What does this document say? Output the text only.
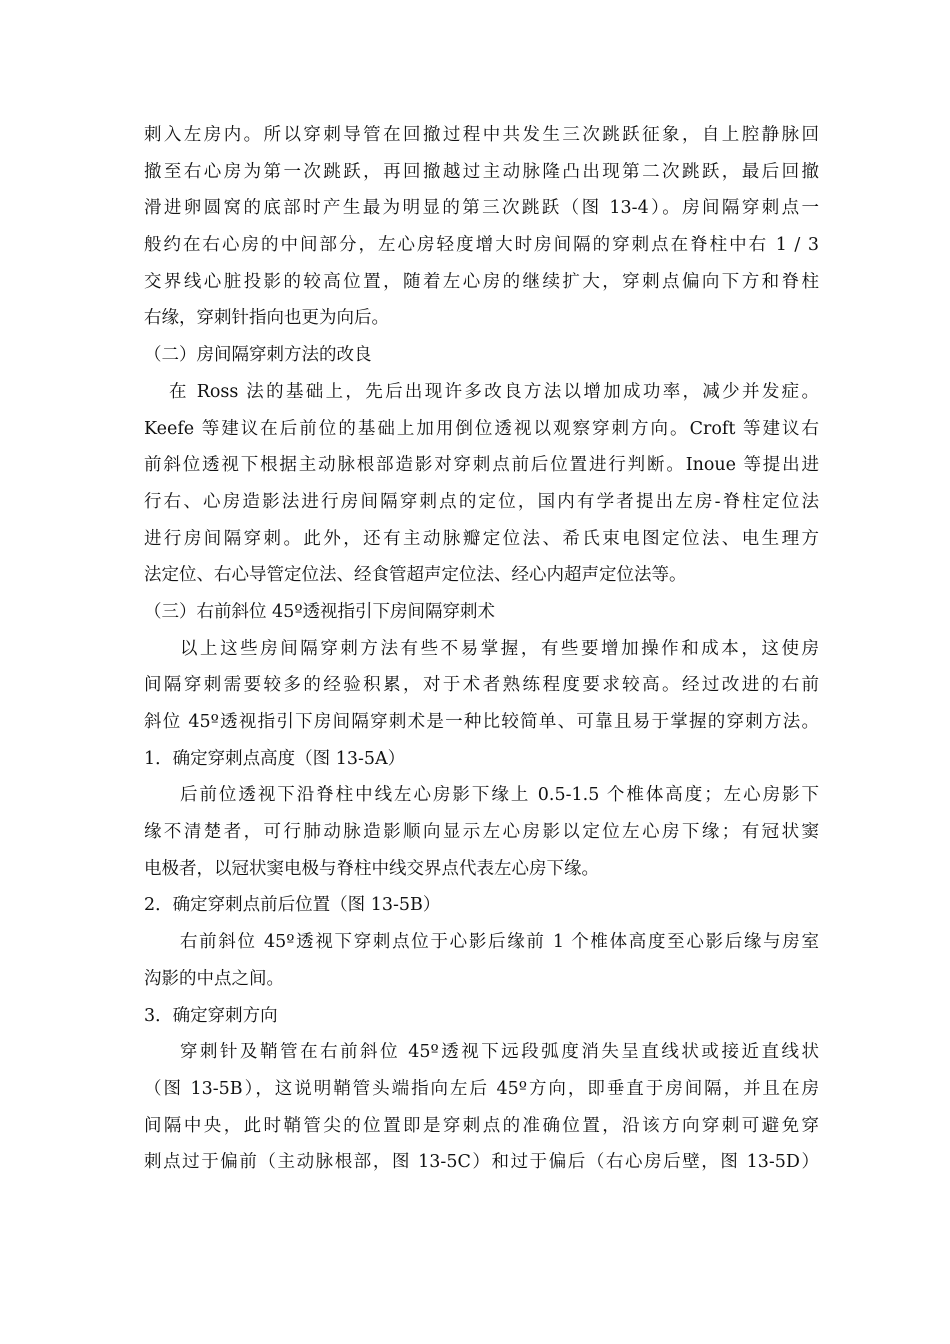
刺入左房内。所以穿刺导管在回撤过程中共发生三次跳跃征象，自上腔静脉回
撤至右心房为第一次跳跃，再回撤越过主动脉隆凸出现第二次跳跃，最后回撤
滑进卵圆窝的底部时产生最为明显的第三次跳跃（图 13-4）。房间隔穿刺点一
般约在右心房的中间部分，左心房轻度增大时房间隔的穿刺点在脊柱中右 1 / 3
交界线心脏投影的较高位置，随着左心房的继续扩大，穿刺点偏向下方和脊柱
右缘，穿刺针指向也更为向后。
（二）房间隔穿刺方法的改良
在 Ross 法的基础上，先后出现许多改良方法以增加成功率，减少并发症。
Keefe 等建议在后前位的基础上加用倒位透视以观察穿刺方向。Croft 等建议右
前斜位透视下根据主动脉根部造影对穿刺点前后位置进行判断。Inoue 等提出进
行右、心房造影法进行房间隔穿刺点的定位，国内有学者提出左房-脊柱定位法
进行房间隔穿刺。此外，还有主动脉瓣定位法、希氏束电图定位法、电生理方
法定位、右心导管定位法、经食管超声定位法、经心内超声定位法等。
（三）右前斜位 45º透视指引下房间隔穿刺术
以上这些房间隔穿刺方法有些不易掌握，有些要增加操作和成本，这使房
间隔穿刺需要较多的经验积累，对于术者熟练程度要求较高。经过改进的右前
斜位 45º透视指引下房间隔穿刺术是一种比较简单、可靠且易于掌握的穿刺方法。
1．确定穿刺点高度（图 13-5A）
后前位透视下沿脊柱中线左心房影下缘上 0.5-1.5 个椎体高度；左心房影下
缘不清楚者，可行肺动脉造影顺向显示左心房影以定位左心房下缘；有冠状窦
电极者，以冠状窦电极与脊柱中线交界点代表左心房下缘。
2．确定穿刺点前后位置（图 13-5B）
右前斜位 45º透视下穿刺点位于心影后缘前 1 个椎体高度至心影后缘与房室
沟影的中点之间。
3．确定穿刺方向
穿刺针及鞘管在右前斜位 45º透视下远段弧度消失呈直线状或接近直线状
（图 13-5B），这说明鞘管头端指向左后 45º方向，即垂直于房间隔，并且在房
间隔中央，此时鞘管尖的位置即是穿刺点的准确位置，沿该方向穿刺可避免穿
刺点过于偏前（主动脉根部，图 13-5C）和过于偏后（右心房后壁，图 13-5D）
